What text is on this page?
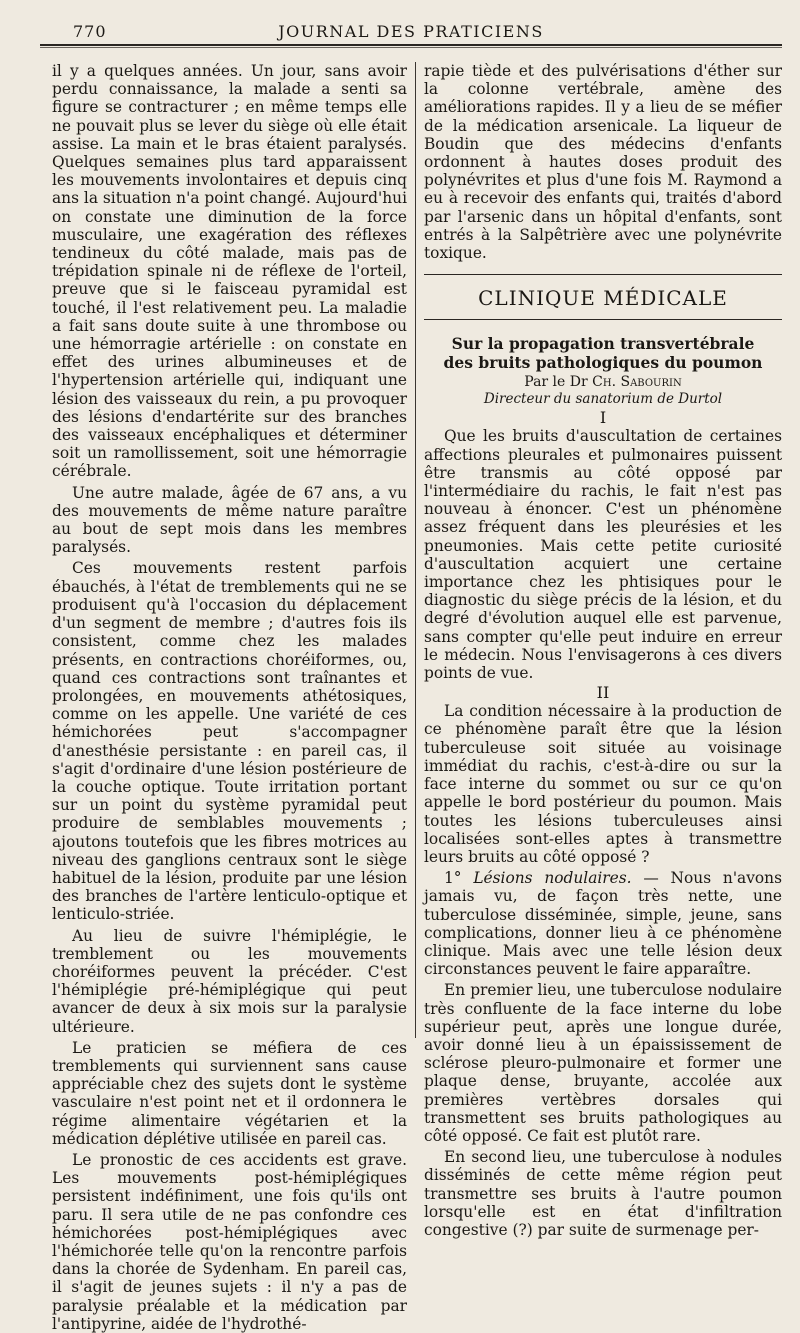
770	JOURNAL DES PRATICIENS

il y a quelques années. Un jour, sans avoir perdu connaissance, la malade a senti sa figure se contracturer ; en même temps elle ne pouvait plus se lever du siège où elle était assise. La main et le bras étaient paralysés. Quelques semaines plus tard apparaissent les mouvements involontaires et depuis cinq ans la situation n'a point changé. Aujourd'hui on constate une diminution de la force musculaire, une exagération des réflexes tendineux du côté malade, mais pas de trépidation spinale ni de réflexe de l'orteil, preuve que si le faisceau pyramidal est touché, il l'est relativement peu. La maladie a fait sans doute suite à une thrombose ou une hémorragie artérielle : on constate en effet des urines albumineuses et de l'hypertension artérielle qui, indiquant une lésion des vaisseaux du rein, a pu provoquer des lésions d'endartérite sur des branches des vaisseaux encéphaliques et déterminer soit un ramollissement, soit une hémorragie cérébrale.

Une autre malade, âgée de 67 ans, a vu des mouvements de même nature paraître au bout de sept mois dans les membres paralysés.

Ces mouvements restent parfois ébauchés, à l'état de tremblements qui ne se produisent qu'à l'occasion du déplacement d'un segment de membre ; d'autres fois ils consistent, comme chez les malades présents, en contractions choréiformes, ou, quand ces contractions sont traînantes et prolongées, en mouvements athétosiques, comme on les appelle. Une variété de ces hémichorées peut s'accompagner d'anesthésie persistante : en pareil cas, il s'agit d'ordinaire d'une lésion postérieure de la couche optique. Toute irritation portant sur un point du système pyramidal peut produire de semblables mouvements ; ajoutons toutefois que les fibres motrices au niveau des ganglions centraux sont le siège habituel de la lésion, produite par une lésion des branches de l'artère lenticulo-optique et lenticulo-striée.

Au lieu de suivre l'hémiplégie, le tremblement ou les mouvements choréiformes peuvent la précéder. C'est l'hémiplégie pré-hémiplégique qui peut avancer de deux à six mois sur la paralysie ultérieure.

Le praticien se méfiera de ces tremblements qui surviennent sans cause appréciable chez des sujets dont le système vasculaire n'est point net et il ordonnera le régime alimentaire végétarien et la médication déplétive utilisée en pareil cas.

Le pronostic de ces accidents est grave. Les mouvements post-hémiplégiques persistent indéfiniment, une fois qu'ils ont paru. Il sera utile de ne pas confondre ces hémichorées post-hémiplégiques avec l'hémichorée telle qu'on la rencontre parfois dans la chorée de Sydenham. En pareil cas, il s'agit de jeunes sujets : il n'y a pas de paralysie préalable et la médication par l'antipyrine, aidée de l'hydrothé-

rapie tiède et des pulvérisations d'éther sur la colonne vertébrale, amène des améliorations rapides. Il y a lieu de se méfier de la médication arsenicale. La liqueur de Boudin que des médecins d'enfants ordonnent à hautes doses produit des polynévrites et plus d'une fois M. Raymond a eu à recevoir des enfants qui, traités d'abord par l'arsenic dans un hôpital d'enfants, sont entrés à la Salpêtrière avec une polynévrite toxique.

CLINIQUE MÉDICALE
Sur la propagation transvertébrale
des bruits pathologiques du poumon
Par le Dr Ch. Sabourin
Directeur du sanatorium de Durtol
I

Que les bruits d'auscultation de certaines affections pleurales et pulmonaires puissent être transmis au côté opposé par l'intermédiaire du rachis, le fait n'est pas nouveau à énoncer. C'est un phénomène assez fréquent dans les pleurésies et les pneumonies. Mais cette petite curiosité d'auscultation acquiert une certaine importance chez les phtisiques pour le diagnostic du siège précis de la lésion, et du degré d'évolution auquel elle est parvenue, sans compter qu'elle peut induire en erreur le médecin. Nous l'envisagerons à ces divers points de vue.

II

La condition nécessaire à la production de ce phénomène paraît être que la lésion tuberculeuse soit située au voisinage immédiat du rachis, c'est-à-dire ou sur la face interne du sommet ou sur ce qu'on appelle le bord postérieur du poumon. Mais toutes les lésions tuberculeuses ainsi localisées sont-elles aptes à transmettre leurs bruits au côté opposé ?

1° Lésions nodulaires. — Nous n'avons jamais vu, de façon très nette, une tuberculose disséminée, simple, jeune, sans complications, donner lieu à ce phénomène clinique. Mais avec une telle lésion deux circonstances peuvent le faire apparaître.

En premier lieu, une tuberculose nodulaire très confluente de la face interne du lobe supérieur peut, après une longue durée, avoir donné lieu à un épaississement de sclérose pleuro-pulmonaire et former une plaque dense, bruyante, accolée aux premières vertèbres dorsales qui transmettent ses bruits pathologiques au côté opposé. Ce fait est plutôt rare.

En second lieu, une tuberculose à nodules disséminés de cette même région peut transmettre ses bruits à l'autre poumon lorsqu'elle est en état d'infiltration congestive (?) par suite de surmenage per-
